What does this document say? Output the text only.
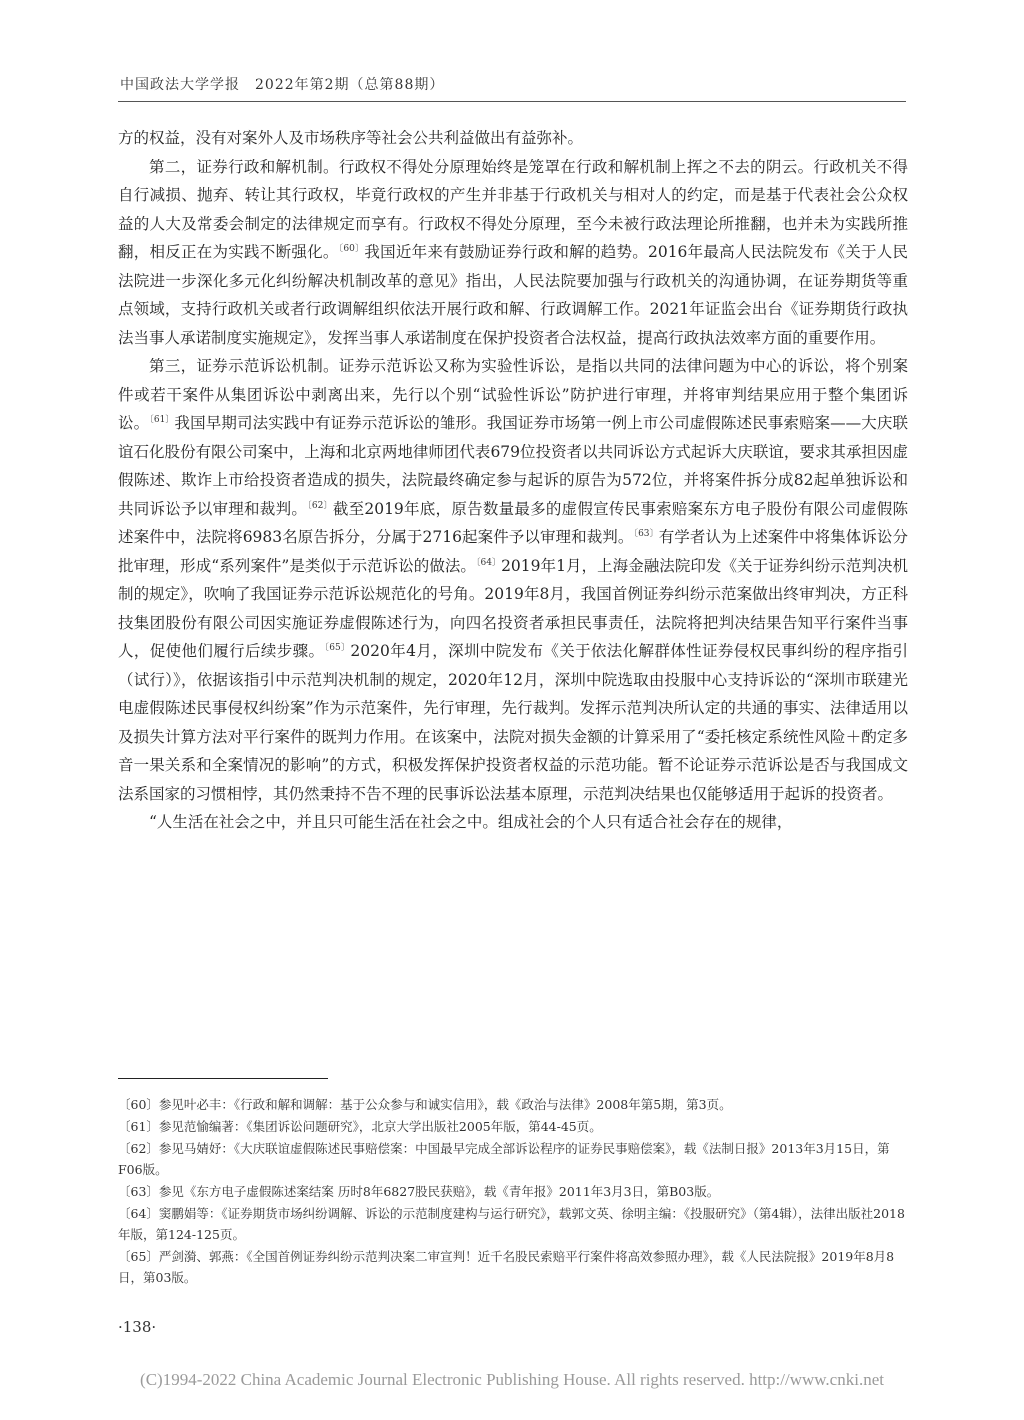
中国政法大学学报　2022年第2期（总第88期）

方的权益，没有对案外人及市场秩序等社会公共利益做出有益弥补。

第二，证券行政和解机制。行政权不得处分原理始终是笼罩在行政和解机制上挥之不去的阴云。行政机关不得自行减损、抛弃、转让其行政权，毕竟行政权的产生并非基于行政机关与相对人的约定，而是基于代表社会公众权益的人大及常委会制定的法律规定而享有。行政权不得处分原理，至今未被行政法理论所推翻，也并未为实践所推翻，相反正在为实践不断强化。$^{〔60〕}$我国近年来有鼓励证券行政和解的趋势。2016年最高人民法院发布《关于人民法院进一步深化多元化纠纷解决机制改革的意见》指出，人民法院要加强与行政机关的沟通协调，在证券期货等重点领域，支持行政机关或者行政调解组织依法开展行政和解、行政调解工作。2021年证监会出台《证券期货行政执法当事人承诺制度实施规定》，发挥当事人承诺制度在保护投资者合法权益，提高行政执法效率方面的重要作用。

第三，证券示范诉讼机制。证券示范诉讼又称为实验性诉讼，是指以共同的法律问题为中心的诉讼，将个别案件或若干案件从集团诉讼中剥离出来，先行以个别“试验性诉讼”防护进行审理，并将审判结果应用于整个集团诉讼。$^{〔61〕}$我国早期司法实践中有证券示范诉讼的雏形。我国证券市场第一例上市公司虚假陈述民事索赔案——大庆联谊石化股份有限公司案中，上海和北京两地律师团代表679位投资者以共同诉讼方式起诉大庆联谊，要求其承担因虚假陈述、欺诈上市给投资者造成的损失，法院最终确定参与起诉的原告为572位，并将案件拆分成82起单独诉讼和共同诉讼予以审理和裁判。$^{〔62〕}$截至2019年底，原告数量最多的虚假宣传民事索赔案东方电子股份有限公司虚假陈述案件中，法院将6983名原告拆分，分属于2716起案件予以审理和裁判。$^{〔63〕}$有学者认为上述案件中将集体诉讼分批审理，形成“系列案件”是类似于示范诉讼的做法。$^{〔64〕}$2019年1月，上海金融法院印发《关于证券纠纷示范判决机制的规定》，吹响了我国证券示范诉讼规范化的号角。2019年8月，我国首例证券纠纷示范案做出终审判决，方正科技集团股份有限公司因实施证券虚假陈述行为，向四名投资者承担民事责任，法院将把判决结果告知平行案件当事人，促使他们履行后续步骤。$^{〔65〕}$2020年4月，深圳中院发布《关于依法化解群体性证券侵权民事纠纷的程序指引（试行）》，依据该指引中示范判决机制的规定，2020年12月，深圳中院选取由投服中心支持诉讼的“深圳市联建光电虚假陈述民事侵权纠纷案”作为示范案件，先行审理，先行裁判。发挥示范判决所认定的共通的事实、法律适用以及损失计算方法对平行案件的既判力作用。在该案中，法院对损失金额的计算采用了“委托核定系统性风险＋酌定多音一果关系和全案情况的影响”的方式，积极发挥保护投资者权益的示范功能。暂不论证券示范诉讼是否与我国成文法系国家的习惯相悖，其仍然秉持不告不理的民事诉讼法基本原理，示范判决结果也仅能够适用于起诉的投资者。

“人生活在社会之中，并且只可能生活在社会之中。组成社会的个人只有适合社会存在的规律，

〔60〕参见叶必丰：《行政和解和调解：基于公众参与和诚实信用》，载《政治与法律》2008年第5期，第3页。

〔61〕参见范愉编著：《集团诉讼问题研究》，北京大学出版社2005年版，第44-45页。

〔62〕参见马婧妤：《大庆联谊虚假陈述民事赔偿案：中国最早完成全部诉讼程序的证券民事赔偿案》，载《法制日报》2013年3月15日，第F06版。

〔63〕参见《东方电子虚假陈述案结案 历时8年6827股民获赔》，载《青年报》2011年3月3日，第B03版。

〔64〕窦鹏娟等：《证券期货市场纠纷调解、诉讼的示范制度建构与运行研究》，载郭文英、徐明主编：《投服研究》（第4辑），法律出版社2018年版，第124-125页。

〔65〕严剑漪、郭燕：《全国首例证券纠纷示范判决案二审宣判！近千名股民索赔平行案件将高效参照办理》，载《人民法院报》2019年8月8日，第03版。

·138·
(C)1994-2022 China Academic Journal Electronic Publishing House. All rights reserved. http://www.cnki.net
